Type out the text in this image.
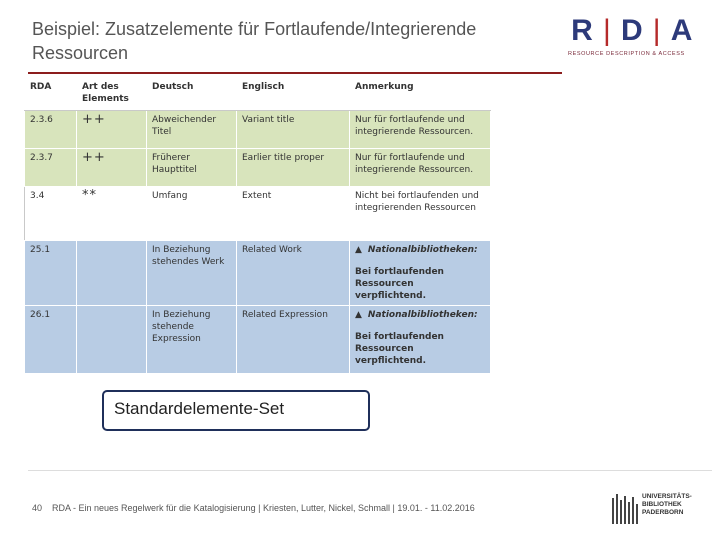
Beispiel: Zusatzelemente für Fortlaufende/Integrierende
Ressourcen
R | D | A
RESOURCE DESCRIPTION & ACCESS
RDA	Art des Elements	Deutsch	Englisch	Anmerkung
2.3.6	++	Abweichender Titel	Variant title	Nur für fortlaufende und integrierende Ressourcen.
2.3.7	++	Früherer Haupttitel	Earlier title proper	Nur für fortlaufende und integrierende Ressourcen.
3.4	**	Umfang	Extent	Nicht bei fortlaufenden und integrierenden Ressourcen
25.1		In Beziehung stehendes Werk	Related Work	▲ Nationalbibliotheken:
Bei fortlaufenden Ressourcen verpflichtend.
26.1		In Beziehung stehende Expression	Related Expression	▲ Nationalbibliotheken:
Bei fortlaufenden Ressourcen verpflichtend.
Standardelemente-Set
40 RDA - Ein neues Regelwerk für die Katalogisierung | Kriesten, Lutter, Nickel, Schmall | 19.01. - 11.02.2016
UNIVERSITÄTS-
BIBLIOTHEK
PADERBORN
